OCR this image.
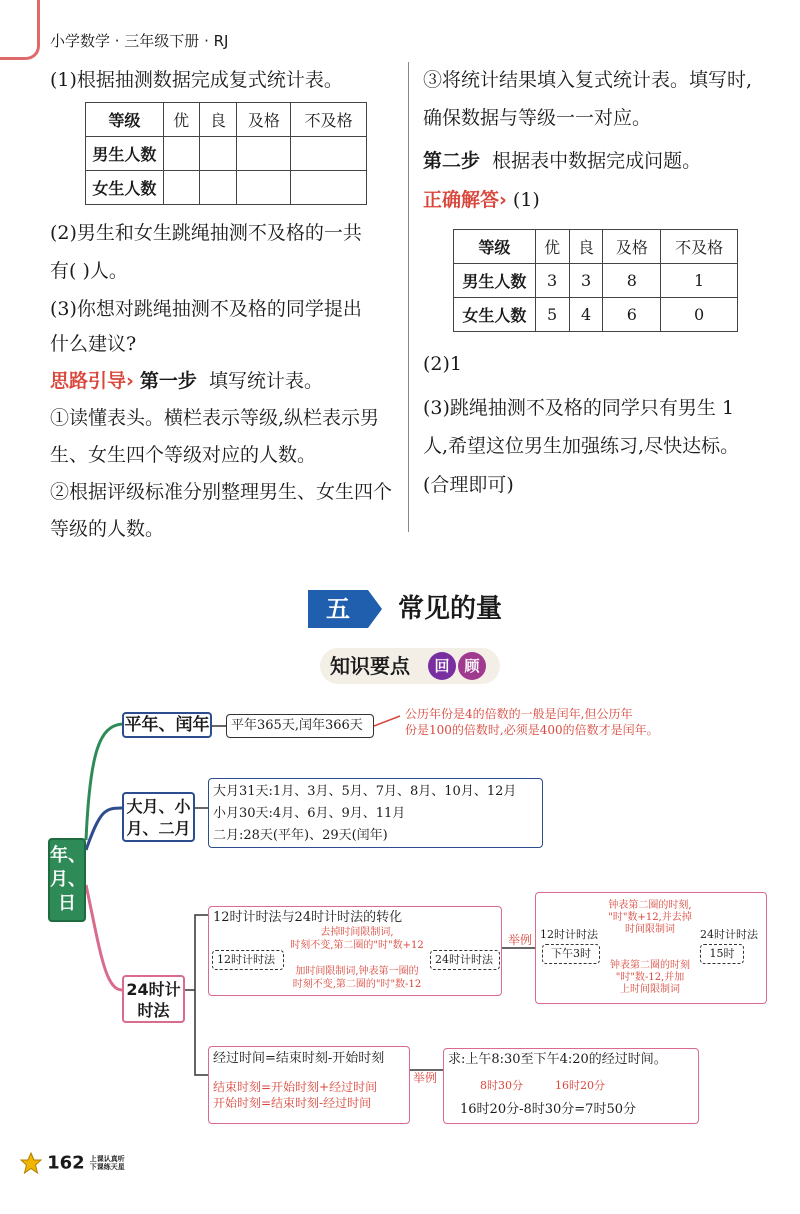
小学数学 · 三年级下册 · RJ
(1)根据抽测数据完成复式统计表。
等级	优	良	及格	不及格
男生人数				
女生人数				
(2)男生和女生跳绳抽测不及格的一共
有( )人。
(3)你想对跳绳抽测不及格的同学提出
什么建议?
思路引导› 第一步 填写统计表。
①读懂表头。横栏表示等级,纵栏表示男
生、女生四个等级对应的人数。
②根据评级标准分别整理男生、女生四个
等级的人数。
③将统计结果填入复式统计表。填写时,
确保数据与等级一一对应。
第二步 根据表中数据完成问题。
正确解答› (1)
等级	优	良	及格	不及格
男生人数	3	3	8	1
女生人数	5	4	6	0
(2)1
(3)跳绳抽测不及格的同学只有男生 1
人,希望这位男生加强练习,尽快达标。
(合理即可)
五	常见的量
知识要点	回 顾
年、月、日
平年、闰年	平年365天,闰年366天
公历年份是4的倍数的一般是闰年,但公历年
份是100的倍数时,必须是400的倍数才是闰年。
大月、小月、二月
大月31天:1月、3月、5月、7月、8月、10月、12月
小月30天:4月、6月、9月、11月
二月:28天(平年)、29天(闰年)
24时计时法
12时计时法与24时计时法的转化
去掉时间限制词,
时刻不变,第二圈的"时"数+12
12时计时法	24时计时法
加时间限制词,钟表第一圈的
时刻不变,第二圈的"时"数-12
举例 12时计时法	24时计时法
下午3时	15时
钟表第二圈的时刻,
"时"数+12,并去掉
时间限制词
钟表第二圈的时刻
"时"数-12,并加
上时间限制词
经过时间=结束时刻-开始时刻
结束时刻=开始时刻+经过时间
开始时刻=结束时刻-经过时间
举例
求:上午8:30至下午4:20的经过时间。
8时30分	16时20分
16时20分-8时30分=7时50分
162 上课认真听
下课练天星
